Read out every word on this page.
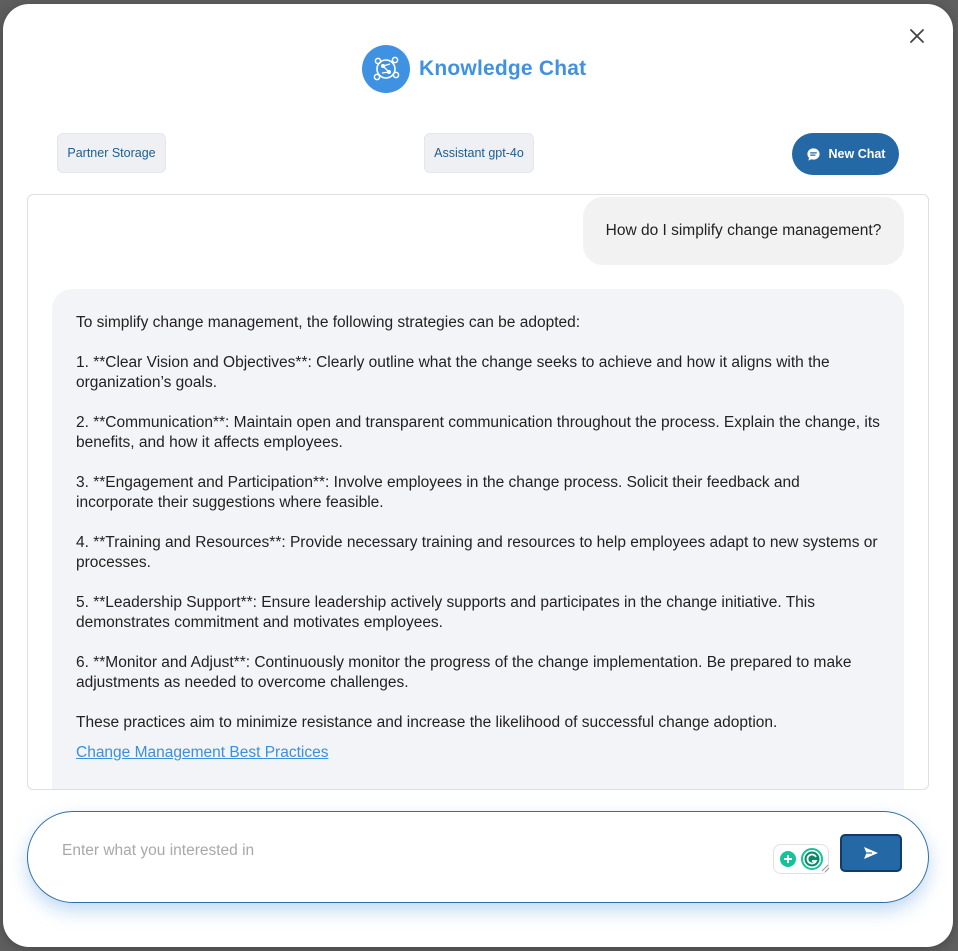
Knowledge Chat
Partner Storage	Assistant gpt-4o	New Chat
How do I simplify change management?

To simplify change management, the following strategies can be adopted:

1. **Clear Vision and Objectives**: Clearly outline what the change seeks to achieve and how it aligns with the organization’s goals.

2. **Communication**: Maintain open and transparent communication throughout the process. Explain the change, its benefits, and how it affects employees.

3. **Engagement and Participation**: Involve employees in the change process. Solicit their feedback and incorporate their suggestions where feasible.

4. **Training and Resources**: Provide necessary training and resources to help employees adapt to new systems or processes.

5. **Leadership Support**: Ensure leadership actively supports and participates in the change initiative. This demonstrates commitment and motivates employees.

6. **Monitor and Adjust**: Continuously monitor the progress of the change implementation. Be prepared to make adjustments as needed to overcome challenges.

These practices aim to minimize resistance and increase the likelihood of successful change adoption.

Change Management Best Practices
Enter what you interested in
